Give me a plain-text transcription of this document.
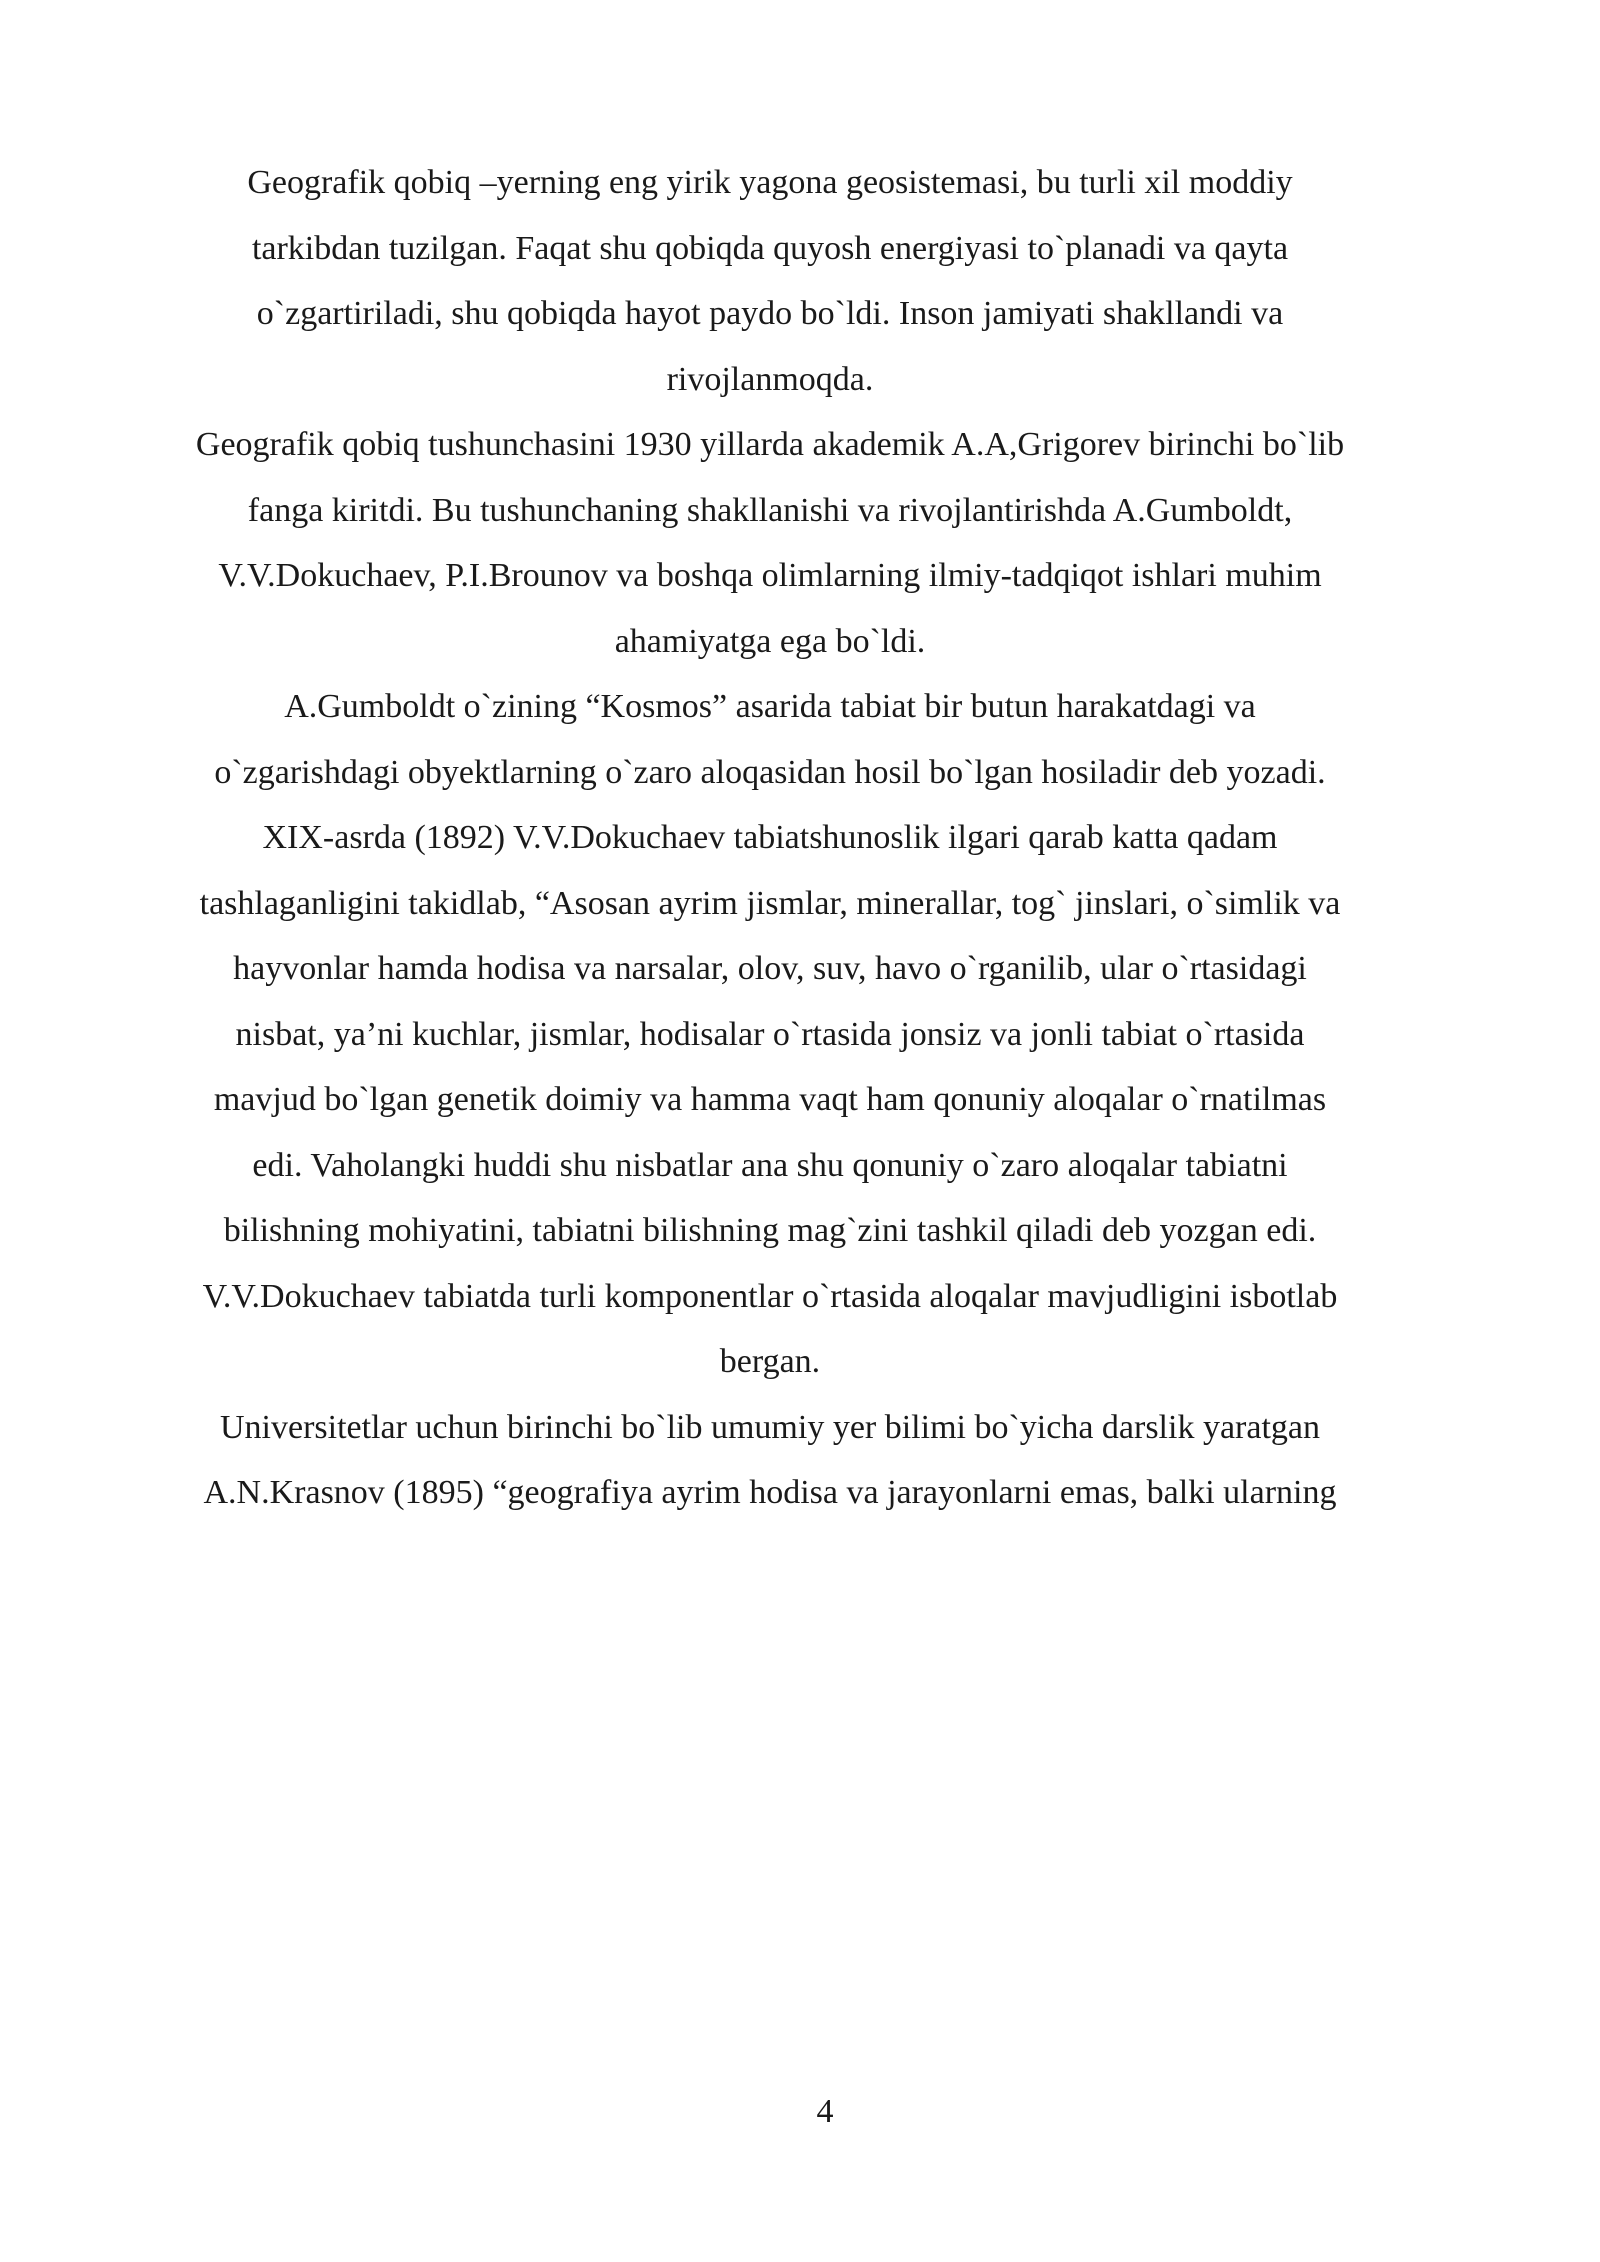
Geografik qobiq –yerning eng yirik yagona geosistemasi, bu turli xil moddiy
tarkibdan tuzilgan. Faqat shu qobiqda quyosh energiyasi to`planadi va qayta
o`zgartiriladi, shu qobiqda hayot paydo bo`ldi. Inson jamiyati shakllandi va
rivojlanmoqda.
Geografik qobiq tushunchasini 1930 yillarda akademik A.A,Grigorev birinchi bo`lib
fanga kiritdi. Bu tushunchaning shakllanishi va rivojlantirishda A.Gumboldt,
V.V.Dokuchaev, P.I.Brounov va boshqa olimlarning ilmiy-tadqiqot ishlari muhim
ahamiyatga ega bo`ldi.
A.Gumboldt o`zining “Kosmos” asarida tabiat bir butun harakatdagi va
o`zgarishdagi obyektlarning o`zaro aloqasidan hosil bo`lgan hosiladir deb yozadi.
XIX-asrda (1892) V.V.Dokuchaev tabiatshunoslik ilgari qarab katta qadam
tashlaganligini takidlab, “Asosan ayrim jismlar, minerallar, tog` jinslari, o`simlik va
hayvonlar hamda hodisa va narsalar, olov, suv, havo o`rganilib, ular o`rtasidagi
nisbat, ya’ni kuchlar, jismlar, hodisalar o`rtasida jonsiz va jonli tabiat o`rtasida
mavjud bo`lgan genetik doimiy va hamma vaqt ham qonuniy aloqalar o`rnatilmas
edi. Vaholangki huddi shu nisbatlar ana shu qonuniy o`zaro aloqalar tabiatni
bilishning mohiyatini, tabiatni bilishning mag`zini tashkil qiladi deb yozgan edi.
V.V.Dokuchaev tabiatda turli komponentlar o`rtasida aloqalar mavjudligini isbotlab
bergan.
Universitetlar uchun birinchi bo`lib umumiy yer bilimi bo`yicha darslik yaratgan
A.N.Krasnov (1895) “geografiya ayrim hodisa va jarayonlarni emas, balki ularning
4
